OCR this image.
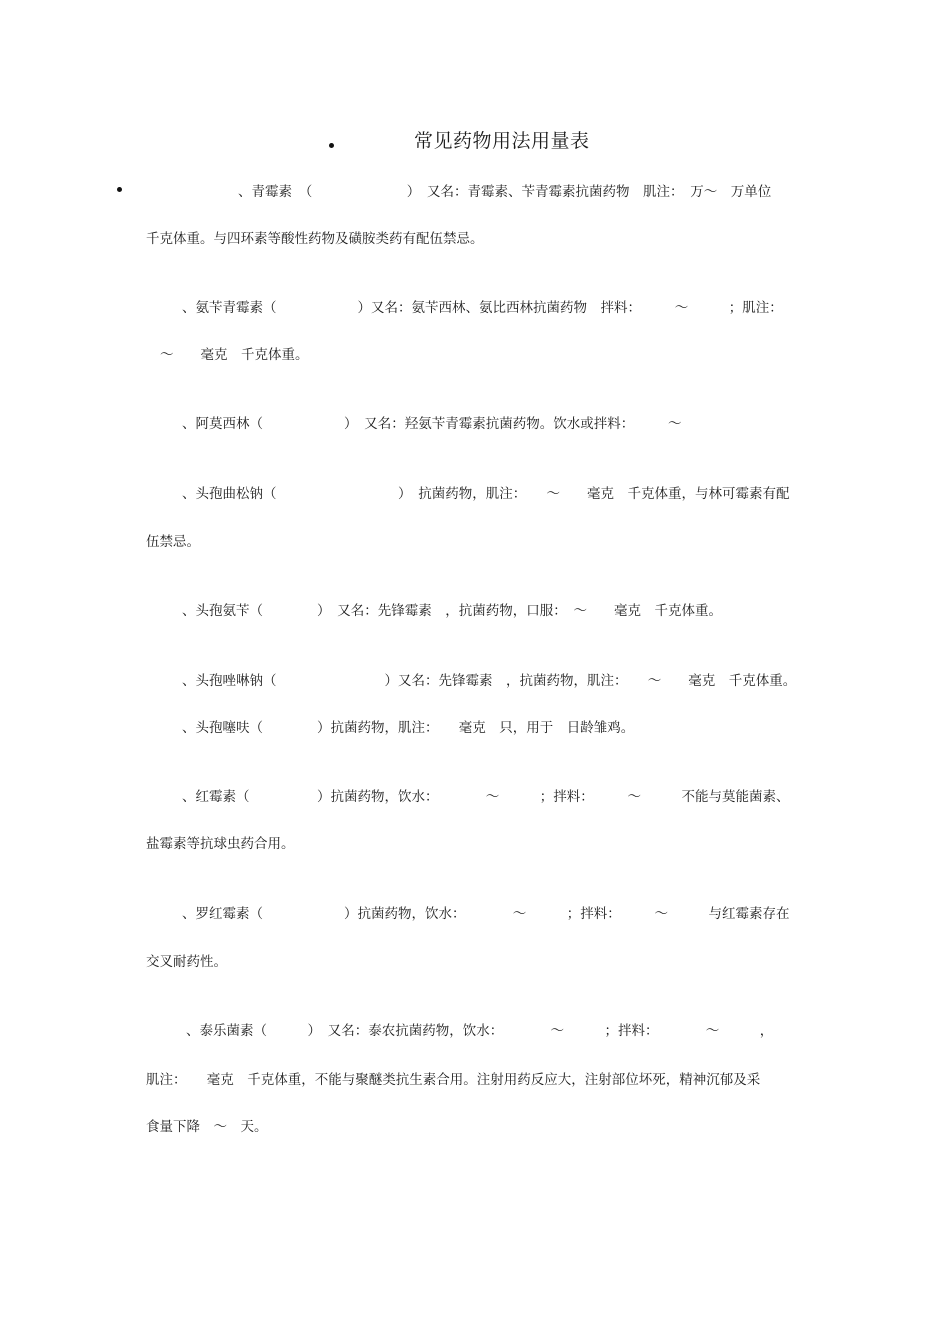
常见药物用法用量表
、青霉素　（　　　　　　　）　又名：青霉素、苄青霉素抗菌药物　肌注：　万～　万单位
千克体重。与四环素等酸性药物及磺胺类药有配伍禁忌。
、氨苄青霉素（　　　　　　）又名：氨苄西林、氨比西林抗菌药物　拌料：　　　～　　　；肌注：
～　　毫克　千克体重。
、阿莫西林（　　　　　　）　又名：羟氨苄青霉素抗菌药物。饮水或拌料：　　　～
、头孢曲松钠（　　　　　　　　　）　抗菌药物，肌注：　　～　　毫克　千克体重，与林可霉素有配
伍禁忌。
、头孢氨苄（　　　　）　又名：先锋霉素　，抗菌药物，口服：　～　　毫克　千克体重。
、头孢唑啉钠（　　　　　　　　）又名：先锋霉素　，抗菌药物，肌注：　　～　　毫克　千克体重。
、头孢噻呋（　　　　）抗菌药物，肌注：　　毫克　只，用于　日龄雏鸡。
、红霉素（　　　　　）抗菌药物，饮水：　　　　～　　　；拌料：　　　～　　　不能与莫能菌素、
盐霉素等抗球虫药合用。
、罗红霉素（　　　　　　）抗菌药物，饮水：　　　　～　　　；拌料：　　　～　　　与红霉素存在
交叉耐药性。
、泰乐菌素（　　　）　又名：泰农抗菌药物，饮水：　　　　～　　　；拌料：　　　　～　　　，
肌注：　　毫克　千克体重，不能与聚醚类抗生素合用。注射用药反应大，注射部位坏死，精神沉郁及采
食量下降　～　天。
